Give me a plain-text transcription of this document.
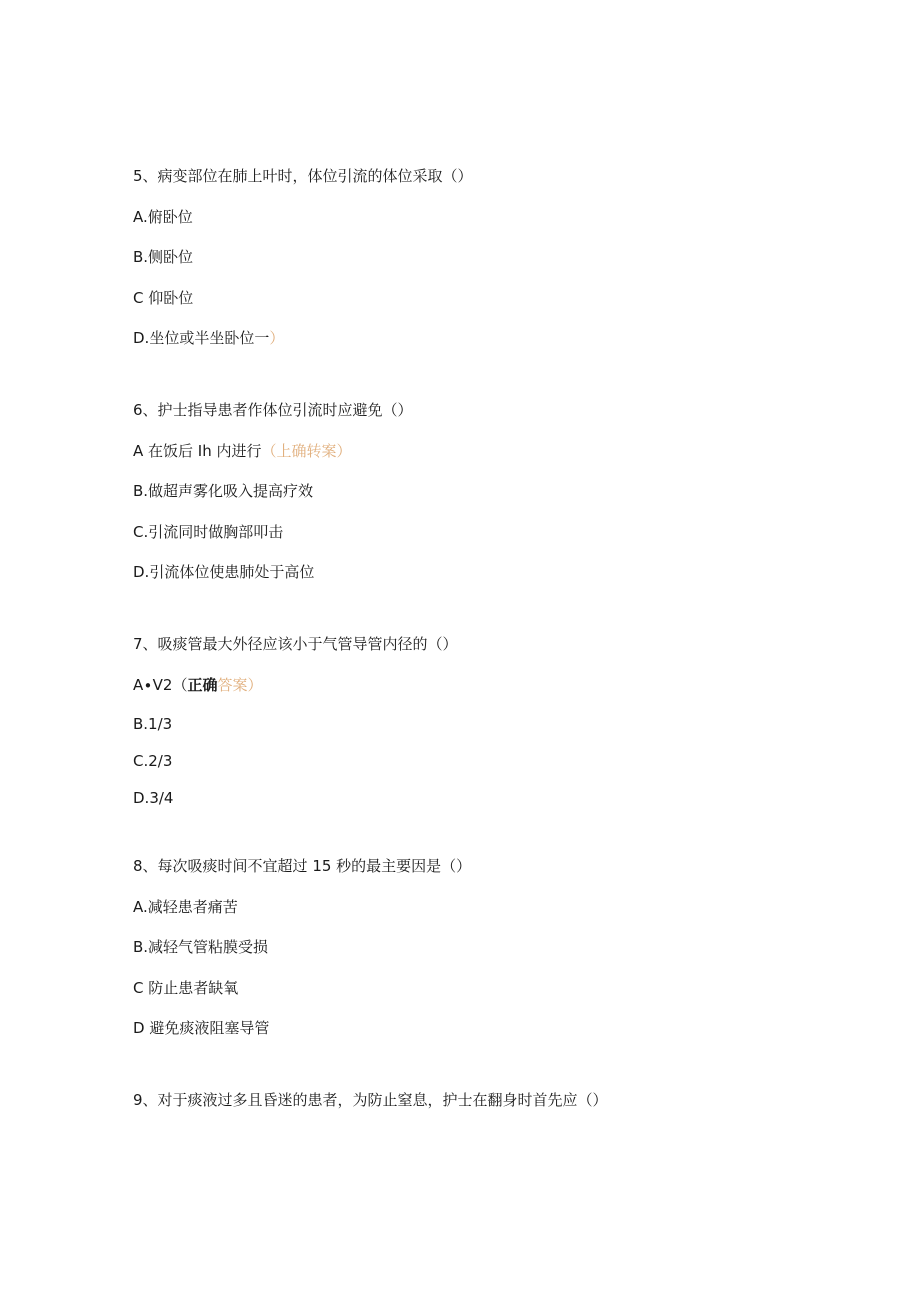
5、病变部位在肺上叶时，体位引流的体位采取（）
A.俯卧位
B.侧卧位
C 仰卧位
D.坐位或半坐卧位一）
6、护士指导患者作体位引流时应避免（）
A 在饭后 Ih 内进行（上确转案）
B.做超声雾化吸入提高疗效
C.引流同时做胸部叩击
D.引流体位使患肺处于高位
7、吸痰管最大外径应该小于气管导管内径的（）
A∙V2（正确答案）
B.1/3
C.2/3
D.3/4
8、每次吸痰时间不宜超过 15 秒的最主要因是（）
A.减轻患者痛苦
B.减轻气管粘膜受损
C 防止患者缺氧
D 避免痰液阻塞导管
9、对于痰液过多且昏迷的患者，为防止窒息，护士在翻身时首先应（）
